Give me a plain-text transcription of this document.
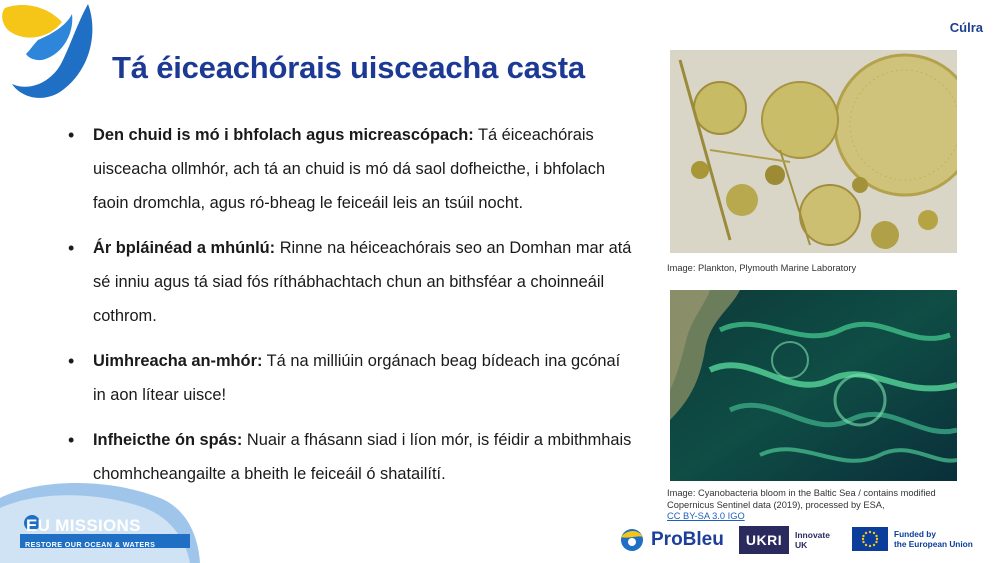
Cúlra
Tá éiceachórais uisceacha casta
• Den chuid is mó i bhfolach agus micreascópach: Tá éiceachórais uisceacha ollmhór, ach tá an chuid is mó dá saol dofheicthe, i bhfolach faoin dromchla, agus ró-bheag le feiceáil leis an tsúil nocht.
• Ár bpláinéad a mhúnlú: Rinne na héiceachórais seo an Domhan mar atá sé inniu agus tá siad fós ríthábhachtach chun an bithsféar a choinneáil cothrom.
• Uimhreacha an-mhór: Tá na milliúin orgánach beag bídeach ina gcónaí in aon lítear uisce!
• Infheicthe ón spás: Nuair a fhásann siad i líon mór, is féidir a mbithmhais chomhcheangailte a bheith le feiceáil ó shatailítí.
Image: Plankton, Plymouth Marine Laboratory
Image: Cyanobacteria bloom in the Baltic Sea / contains modified
Copernicus Sentinel data (2019), processed by ESA,
CC BY-SA 3.0 IGO
EU MISSIONS
RESTORE OUR OCEAN & WATERS	ProBleu	UKRI	Innovate
UK
Funded by
the European Union
